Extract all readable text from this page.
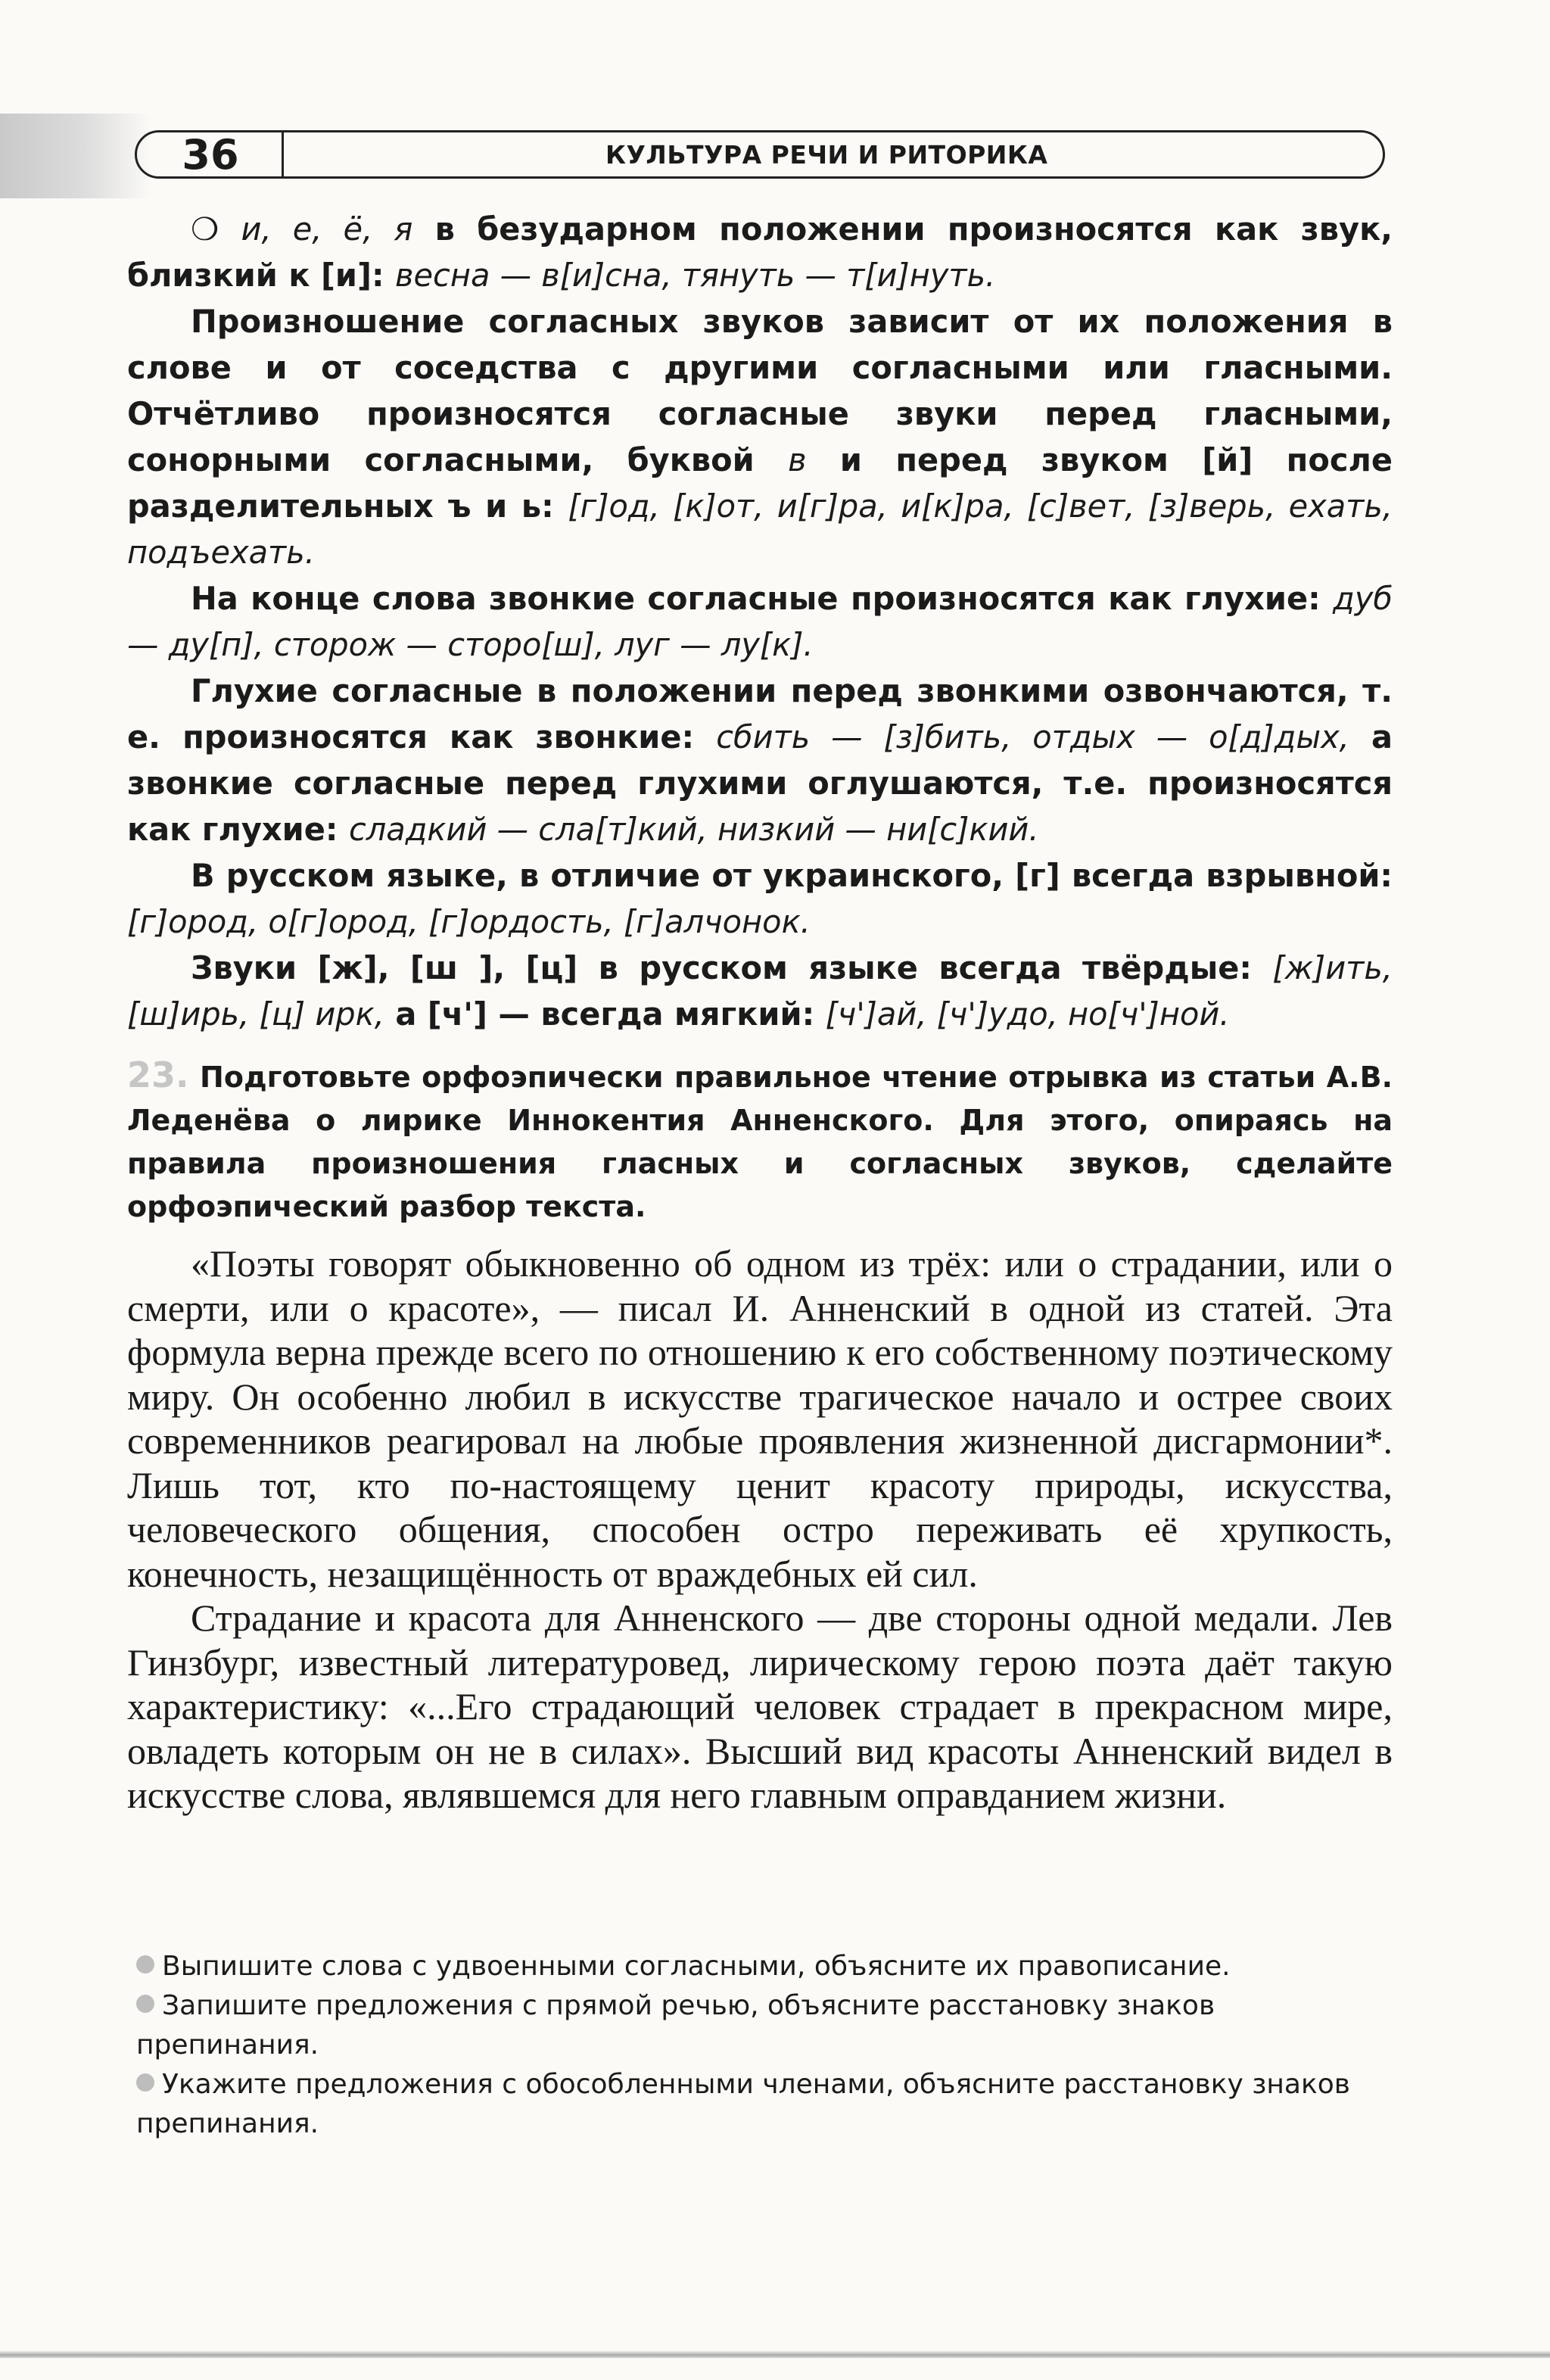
36	КУЛЬТУРА РЕЧИ И РИТОРИКА

❍ и, е, ё, я в безударном положении произносятся как звук, близкий к [и]: весна — в[и]сна, тянуть — т[и]нуть.

Произношение согласных звуков зависит от их положения в слове и от соседства с другими согласными или гласными. Отчётливо произносятся согласные звуки перед гласными, сонорными согласными, буквой в и перед звуком [й] после разделительных ъ и ь: [г]од, [к]от, и[г]ра, и[к]ра, [с]вет, [з]верь, ехать, подъехать.

На конце слова звонкие согласные произносятся как глухие: дуб — ду[п], сторож — сторо[ш], луг — лу[к].

Глухие согласные в положении перед звонкими озвончаются, т. е. произносятся как звонкие: сбить — [з]бить, отдых — о[д]дых, а звонкие согласные перед глухими оглушаются, т.е. произносятся как глухие: сладкий — сла[т]кий, низкий — ни[с]кий.

В русском языке, в отличие от украинского, [г] всегда взрывной: [г]ород, о[г]ород, [г]ордость, [г]алчонок.

Звуки [ж], [ш ], [ц] в русском языке всегда твёрдые: [ж]ить, [ш]ирь, [ц] ирк, а [ч'] — всегда мягкий: [ч']ай, [ч']удо, но[ч']ной.

23. Подготовьте орфоэпически правильное чтение отрывка из статьи А.В. Леденёва о лирике Иннокентия Анненского. Для этого, опираясь на правила произношения гласных и согласных звуков, сделайте орфоэпический разбор текста.

«Поэты говорят обыкновенно об одном из трёх: или о страдании, или о смерти, или о красоте», — писал И. Анненский в одной из статей. Эта формула верна прежде всего по отношению к его собственному поэтическому миру. Он особенно любил в искусстве трагическое начало и острее своих современников реагировал на любые проявления жизненной дисгармонии*. Лишь тот, кто по-настоящему ценит красоту природы, искусства, человеческого общения, способен остро переживать её хрупкость, конечность, незащищённость от враждебных ей сил.

Страдание и красота для Анненского — две стороны одной медали. Лев Гинзбург, известный литературовед, лирическому герою поэта даёт такую характеристику: «...Его страдающий человек страдает в прекрасном мире, овладеть которым он не в силах». Высший вид красоты Анненский видел в искусстве слова, являвшемся для него главным оправданием жизни.

Выпишите слова с удвоенными согласными, объясните их правописание.
Запишите предложения с прямой речью, объясните расстановку знаков препинания.
Укажите предложения с обособленными членами, объясните расстановку знаков препинания.
